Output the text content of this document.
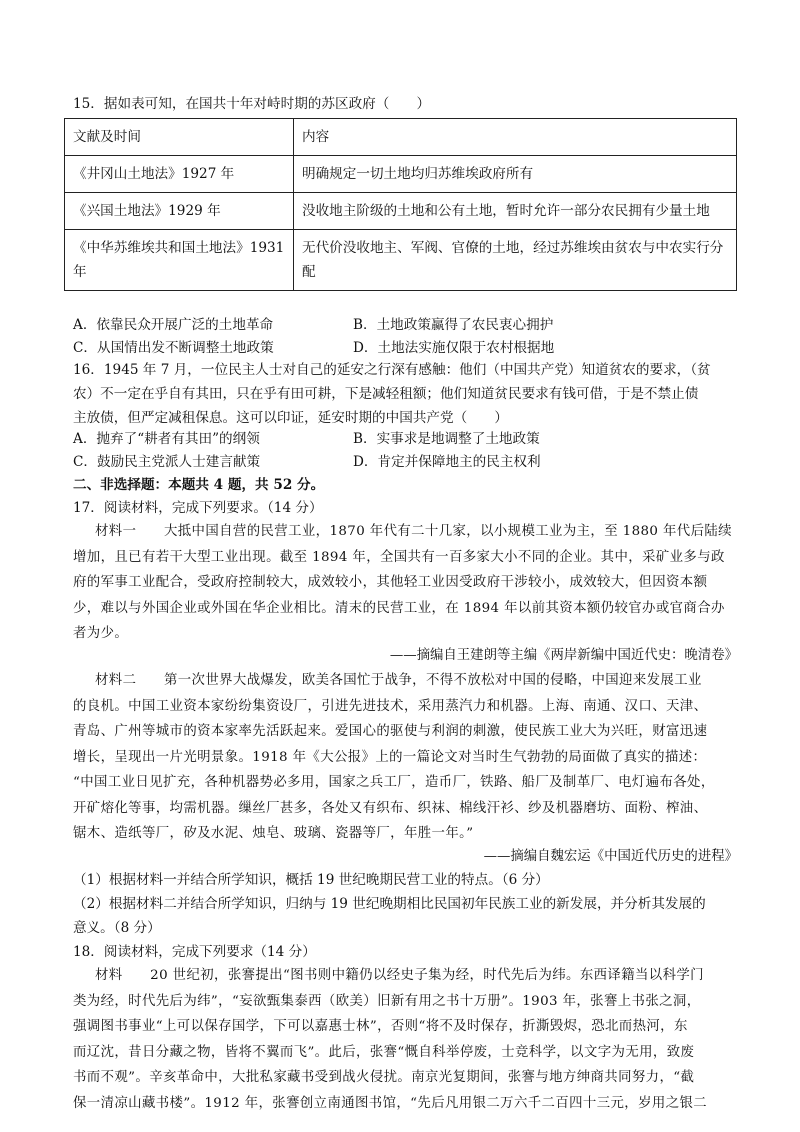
15．据如表可知，在国共十年对峙时期的苏区政府（　　）
文献及时间	内容
《井冈山土地法》1927 年	明确规定一切土地均归苏维埃政府所有
《兴国土地法》1929 年	没收地主阶级的土地和公有土地，暂时允许一部分农民拥有少量土地
《中华苏维埃共和国土地法》1931 年	无代价没收地主、军阀、官僚的土地，经过苏维埃由贫农与中农实行分配
A．依靠民众开展广泛的土地革命	B．土地政策赢得了农民衷心拥护
C．从国情出发不断调整土地政策	D．土地法实施仅限于农村根据地
16．1945 年 7 月，一位民主人士对自己的延安之行深有感触：他们（中国共产党）知道贫农的要求，（贫
农）不一定在乎自有其田，只在乎有田可耕，下是减轻租额；他们知道贫民要求有钱可借，于是不禁止债
主放债，但严定减租保息。这可以印证，延安时期的中国共产党（　　）
A．抛弃了“耕者有其田”的纲领	B．实事求是地调整了土地政策
C．鼓励民主党派人士建言献策	D．肯定并保障地主的民主权利
二、非选择题：本题共 4 题，共 52 分。
17．阅读材料，完成下列要求。（14 分）
材料一　　大抵中国自营的民营工业，1870 年代有二十几家，以小规模工业为主，至 1880 年代后陆续
增加，且已有若干大型工业出现。截至 1894 年，全国共有一百多家大小不同的企业。其中，采矿业多与政
府的军事工业配合，受政府控制较大，成效较小，其他轻工业因受政府干涉较小，成效较大，但因资本额
少，难以与外国企业或外国在华企业相比。清末的民营工业，在 1894 年以前其资本额仍较官办或官商合办
者为少。
——摘编自王建朗等主编《两岸新编中国近代史：晚清卷》
材料二　　第一次世界大战爆发，欧美各国忙于战争，不得不放松对中国的侵略，中国迎来发展工业
的良机。中国工业资本家纷纷集资设厂，引进先进技术，采用蒸汽力和机器。上海、南通、汉口、天津、
青岛、广州等城市的资本家率先活跃起来。爱国心的驱使与利润的刺激，使民族工业大为兴旺，财富迅速
增长，呈现出一片光明景象。1918 年《大公报》上的一篇论文对当时生气勃勃的局面做了真实的描述：
“中国工业日见扩充，各种机器势必多用，国家之兵工厂，造币厂，铁路、船厂及制革厂、电灯遍布各处，
开矿熔化等事，均需机器。缫丝厂甚多，各处又有织布、织袜、棉线汗衫、纱及机器磨坊、面粉、榨油、
锯木、造纸等厂，矽及水泥、烛皂、玻璃、瓷器等厂，年胜一年。”
——摘编自魏宏运《中国近代历史的进程》
（1）根据材料一并结合所学知识，概括 19 世纪晚期民营工业的特点。（6 分）
（2）根据材料二并结合所学知识，归纳与 19 世纪晚期相比民国初年民族工业的新发展，并分析其发展的
意义。（8 分）
18．阅读材料，完成下列要求（14 分）
材料　　20 世纪初，张謇提出“图书则中籍仍以经史子集为经，时代先后为纬。东西译籍当以科学门
类为经，时代先后为纬”，“妄欲甄集泰西（欧美）旧新有用之书十万册”。1903 年，张謇上书张之洞，
强调图书事业“上可以保存国学，下可以嘉惠士林”，否则“将不及时保存，折澌毁烬，恐北而热河，东
而辽沈，昔日分藏之物，皆将不翼而飞”。此后，张謇“慨自科举停废，士竞科学，以文字为无用，致废
书而不观”。辛亥革命中，大批私家藏书受到战火侵扰。南京光复期间，张謇与地方绅商共同努力，“截
保一清凉山藏书楼”。1912 年，张謇创立南通图书馆，“先后凡用银二万六千二百四十三元，岁用之银二
